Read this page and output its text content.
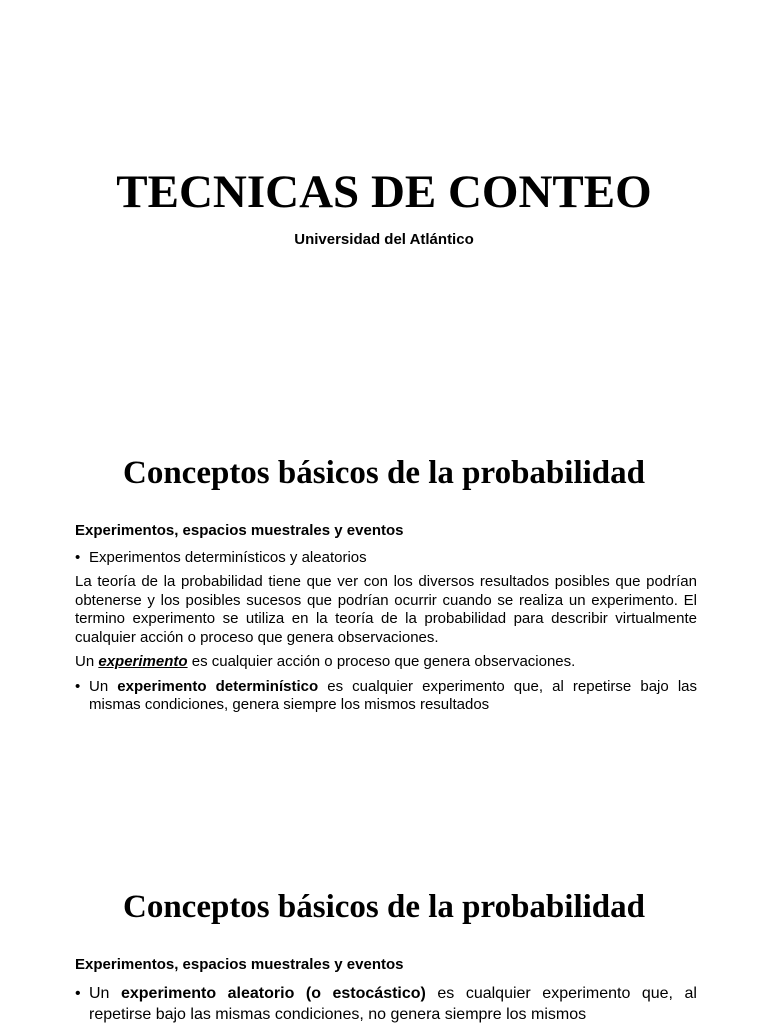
TECNICAS DE CONTEO

Universidad del Atlántico

Conceptos básicos de la probabilidad

Experimentos, espacios muestrales y eventos

• Experimentos determinísticos y aleatorios

La teoría de la probabilidad tiene que ver con los diversos resultados posibles que podrían obtenerse y los posibles sucesos que podrían ocurrir cuando se realiza un experimento. El termino experimento se utiliza en la teoría de la probabilidad para describir virtualmente cualquier acción o proceso que genera observaciones.

Un experimento es cualquier acción o proceso que genera observaciones.

• Un experimento determinístico es cualquier experimento que, al repetirse bajo las mismas condiciones, genera siempre los mismos resultados

Conceptos básicos de la probabilidad

Experimentos, espacios muestrales y eventos

• Un experimento aleatorio (o estocástico) es cualquier experimento que, al repetirse bajo las mismas condiciones, no genera siempre los mismos
